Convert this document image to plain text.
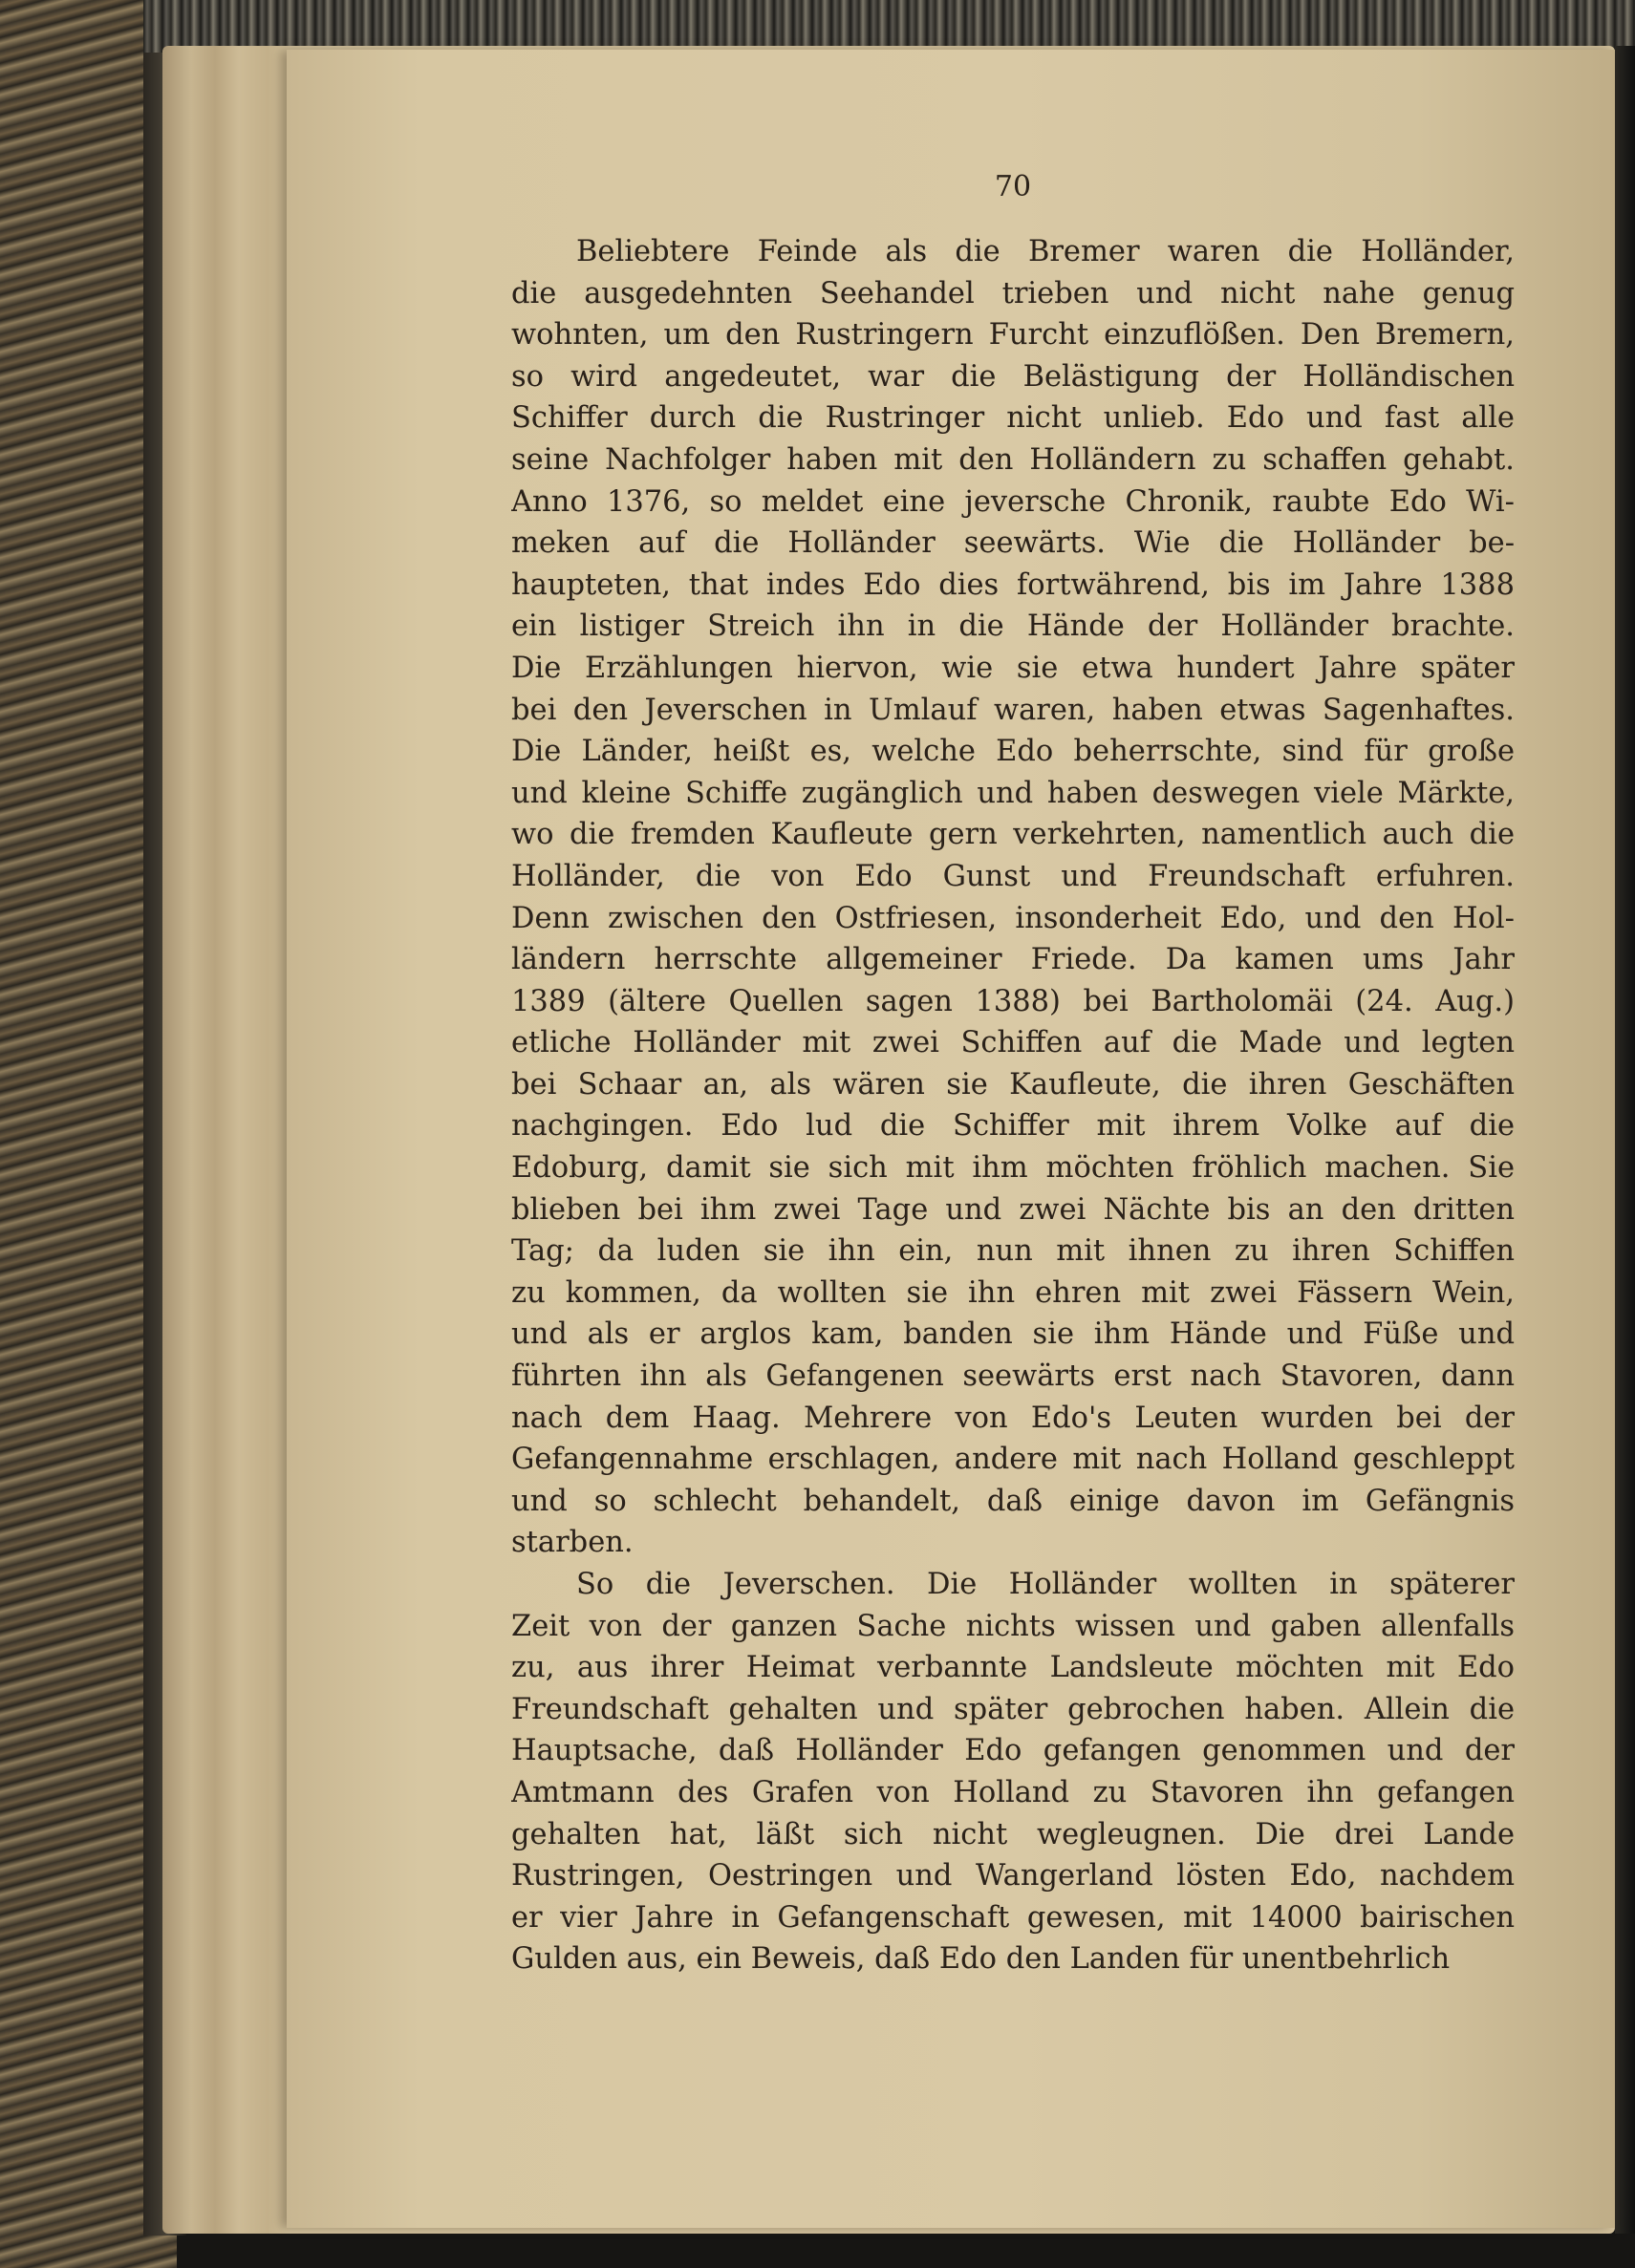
70
Beliebtere Feinde als die Bremer waren die Holländer,
die ausgedehnten Seehandel trieben und nicht nahe genug
wohnten, um den Rustringern Furcht einzuflößen. Den Bremern,
so wird angedeutet, war die Belästigung der Holländischen
Schiffer durch die Rustringer nicht unlieb. Edo und fast alle
seine Nachfolger haben mit den Holländern zu schaffen gehabt.
Anno 1376, so meldet eine jeversche Chronik, raubte Edo Wi-
meken auf die Holländer seewärts. Wie die Holländer be-
haupteten, that indes Edo dies fortwährend, bis im Jahre 1388
ein listiger Streich ihn in die Hände der Holländer brachte.
Die Erzählungen hiervon, wie sie etwa hundert Jahre später
bei den Jeverschen in Umlauf waren, haben etwas Sagenhaftes.
Die Länder, heißt es, welche Edo beherrschte, sind für große
und kleine Schiffe zugänglich und haben deswegen viele Märkte,
wo die fremden Kaufleute gern verkehrten, namentlich auch die
Holländer, die von Edo Gunst und Freundschaft erfuhren.
Denn zwischen den Ostfriesen, insonderheit Edo, und den Hol-
ländern herrschte allgemeiner Friede. Da kamen ums Jahr
1389 (ältere Quellen sagen 1388) bei Bartholomäi (24. Aug.)
etliche Holländer mit zwei Schiffen auf die Made und legten
bei Schaar an, als wären sie Kaufleute, die ihren Geschäften
nachgingen. Edo lud die Schiffer mit ihrem Volke auf die
Edoburg, damit sie sich mit ihm möchten fröhlich machen. Sie
blieben bei ihm zwei Tage und zwei Nächte bis an den dritten
Tag; da luden sie ihn ein, nun mit ihnen zu ihren Schiffen
zu kommen, da wollten sie ihn ehren mit zwei Fässern Wein,
und als er arglos kam, banden sie ihm Hände und Füße und
führten ihn als Gefangenen seewärts erst nach Stavoren, dann
nach dem Haag. Mehrere von Edo's Leuten wurden bei der
Gefangennahme erschlagen, andere mit nach Holland geschleppt
und so schlecht behandelt, daß einige davon im Gefängnis
starben.
So die Jeverschen. Die Holländer wollten in späterer
Zeit von der ganzen Sache nichts wissen und gaben allenfalls
zu, aus ihrer Heimat verbannte Landsleute möchten mit Edo
Freundschaft gehalten und später gebrochen haben. Allein die
Hauptsache, daß Holländer Edo gefangen genommen und der
Amtmann des Grafen von Holland zu Stavoren ihn gefangen
gehalten hat, läßt sich nicht wegleugnen. Die drei Lande
Rustringen, Oestringen und Wangerland lösten Edo, nachdem
er vier Jahre in Gefangenschaft gewesen, mit 14000 bairischen
Gulden aus, ein Beweis, daß Edo den Landen für unentbehrlich
